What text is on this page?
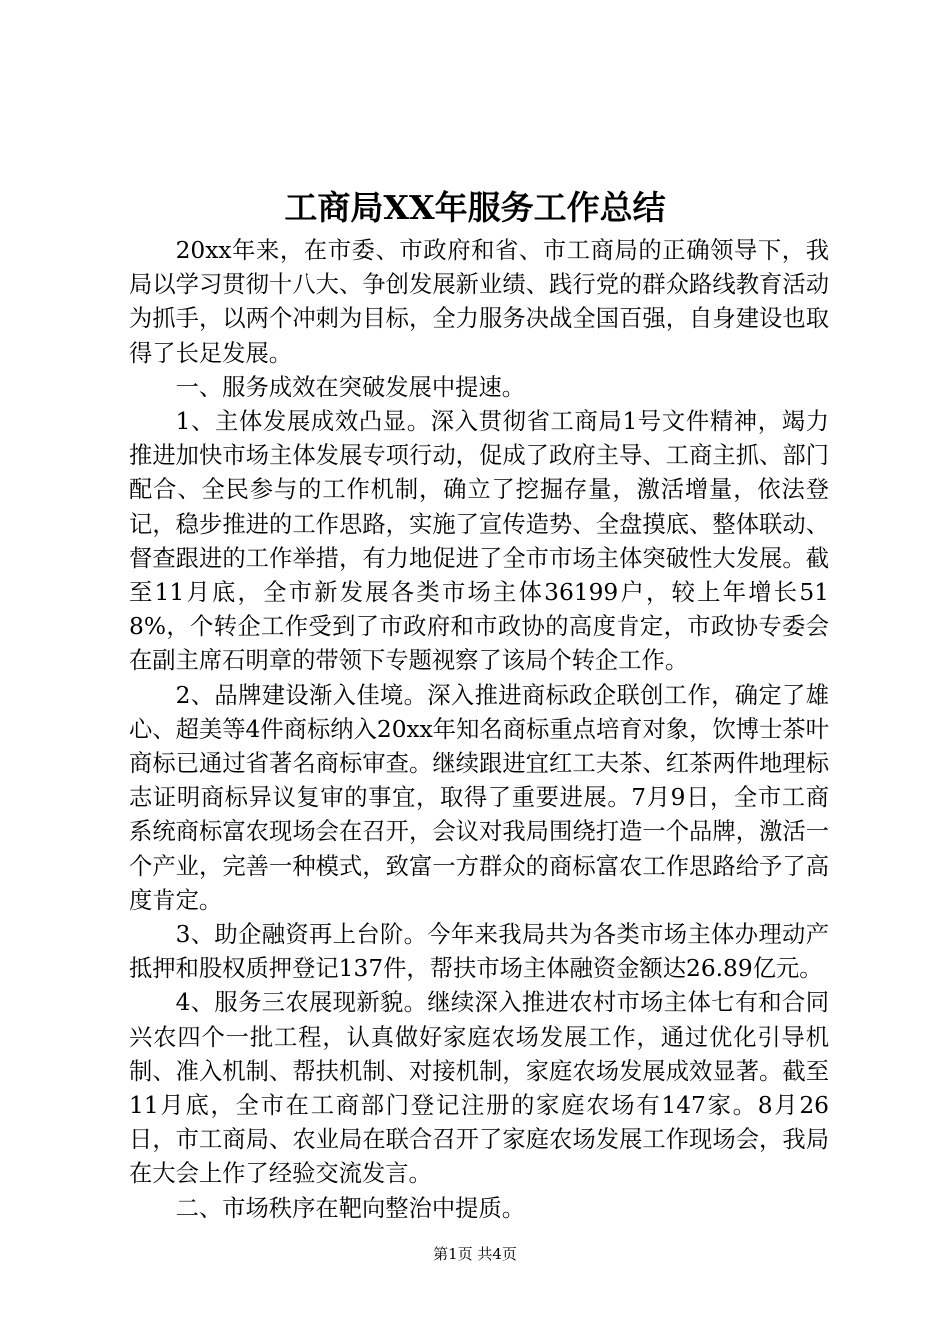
工商局XX年服务工作总结

20xx年来，在市委、市政府和省、市工商局的正确领导下，我局以学习贯彻十八大、争创发展新业绩、践行党的群众路线教育活动为抓手，以两个冲刺为目标，全力服务决战全国百强，自身建设也取得了长足发展。

一、服务成效在突破发展中提速。

1、主体发展成效凸显。深入贯彻省工商局1号文件精神，竭力推进加快市场主体发展专项行动，促成了政府主导、工商主抓、部门配合、全民参与的工作机制，确立了挖掘存量，激活增量，依法登记，稳步推进的工作思路，实施了宣传造势、全盘摸底、整体联动、督查跟进的工作举措，有力地促进了全市市场主体突破性大发展。截至11月底，全市新发展各类市场主体36199户，较上年增长518%，个转企工作受到了市政府和市政协的高度肯定，市政协专委会在副主席石明章的带领下专题视察了该局个转企工作。

2、品牌建设渐入佳境。深入推进商标政企联创工作，确定了雄心、超美等4件商标纳入20xx年知名商标重点培育对象，饮博士茶叶商标已通过省著名商标审查。继续跟进宜红工夫茶、红茶两件地理标志证明商标异议复审的事宜，取得了重要进展。7月9日，全市工商系统商标富农现场会在召开，会议对我局围绕打造一个品牌，激活一个产业，完善一种模式，致富一方群众的商标富农工作思路给予了高度肯定。

3、助企融资再上台阶。今年来我局共为各类市场主体办理动产抵押和股权质押登记137件，帮扶市场主体融资金额达26.89亿元。

4、服务三农展现新貌。继续深入推进农村市场主体七有和合同兴农四个一批工程，认真做好家庭农场发展工作，通过优化引导机制、准入机制、帮扶机制、对接机制，家庭农场发展成效显著。截至11月底，全市在工商部门登记注册的家庭农场有147家。8月26日，市工商局、农业局在联合召开了家庭农场发展工作现场会，我局在大会上作了经验交流发言。

二、市场秩序在靶向整治中提质。

第1页 共4页
